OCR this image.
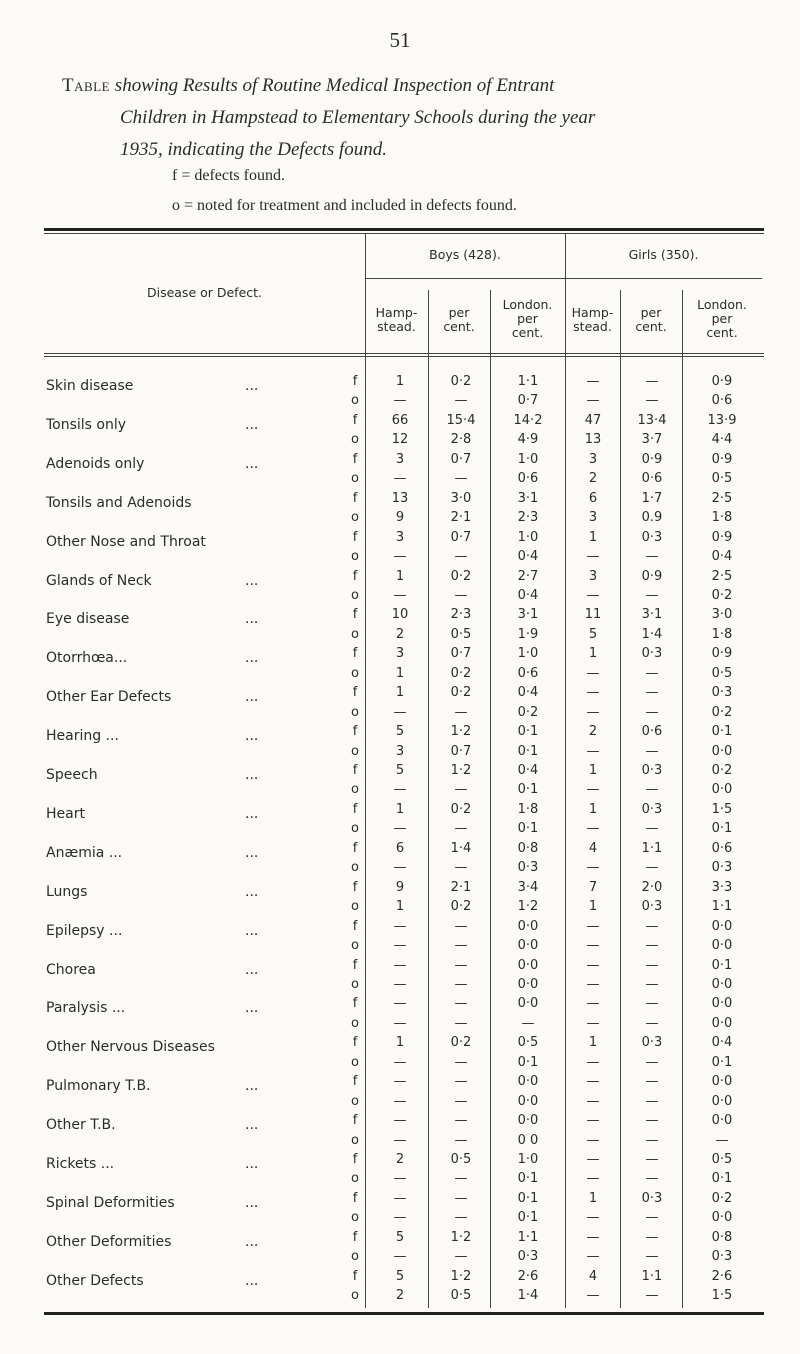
51
Table showing Results of Routine Medical Inspection of Entrant
Children in Hampstead to Elementary Schools during the year
1935, indicating the Defects found.
f = defects found.
o = noted for treatment and included in defects found.
Disease or Defect.
Boys (428).	Girls (350).
Hamp-
stead.
per
cent.
London.
per
cent.
Hamp-
stead.
per
cent.
London.
per
cent.
Skin disease	...	f	1	0·2	1·1	—	—	0·9
o	—	—	0·7	—	—	0·6
Tonsils only	...	f	66	15·4	14·2	47	13·4	13·9
o	12	2·8	4·9	13	3·7	4·4
Adenoids only	...	f	3	0·7	1·0	3	0·9	0·9
o	—	—	0·6	2	0·6	0·5
Tonsils and Adenoids	f	13	3·0	3·1	6	1·7	2·5
o	9	2·1	2·3	3	0.9	1·8
Other Nose and Throat	f	3	0·7	1·0	1	0·3	0·9
o	—	—	0·4	—	—	0·4
Glands of Neck	...	f	1	0·2	2·7	3	0·9	2·5
o	—	—	0·4	—	—	0·2
Eye disease	...	f	10	2·3	3·1	11	3·1	3·0
o	2	0·5	1·9	5	1·4	1·8
Otorrhœa...	...	f	3	0·7	1·0	1	0·3	0·9
o	1	0·2	0·6	—	—	0·5
Other Ear Defects	...	f	1	0·2	0·4	—	—	0·3
o	—	—	0·2	—	—	0·2
Hearing ...	...	f	5	1·2	0·1	2	0·6	0·1
o	3	0·7	0·1	—	—	0·0
Speech	...	f	5	1·2	0·4	1	0·3	0·2
o	—	—	0·1	—	—	0·0
Heart	...	f	1	0·2	1·8	1	0·3	1·5
o	—	—	0·1	—	—	0·1
Anæmia ...	...	f	6	1·4	0·8	4	1·1	0·6
o	—	—	0·3	—	—	0·3
Lungs	...	f	9	2·1	3·4	7	2·0	3·3
o	1	0·2	1·2	1	0·3	1·1
Epilepsy ...	...	f	—	—	0·0	—	—	0·0
o	—	—	0·0	—	—	0·0
Chorea	...	f	—	—	0·0	—	—	0·1
o	—	—	0·0	—	—	0·0
Paralysis ...	...	f	—	—	0·0	—	—	0·0
o	—	—	—	—	—	0·0
Other Nervous Diseases	f	1	0·2	0·5	1	0·3	0·4
o	—	—	0·1	—	—	0·1
Pulmonary T.B.	...	f	—	—	0·0	—	—	0·0
o	—	—	0·0	—	—	0·0
Other T.B.	...	f	—	—	0·0	—	—	0·0
o	—	—	0 0	—	—	—
Rickets ...	...	f	2	0·5	1·0	—	—	0·5
o	—	—	0·1	—	—	0·1
Spinal Deformities	...	f	—	—	0·1	1	0·3	0·2
o	—	—	0·1	—	—	0·0
Other Deformities	...	f	5	1·2	1·1	—	—	0·8
o	—	—	0·3	—	—	0·3
Other Defects	...	f	5	1·2	2·6	4	1·1	2·6
o	2	0·5	1·4	—	—	1·5
